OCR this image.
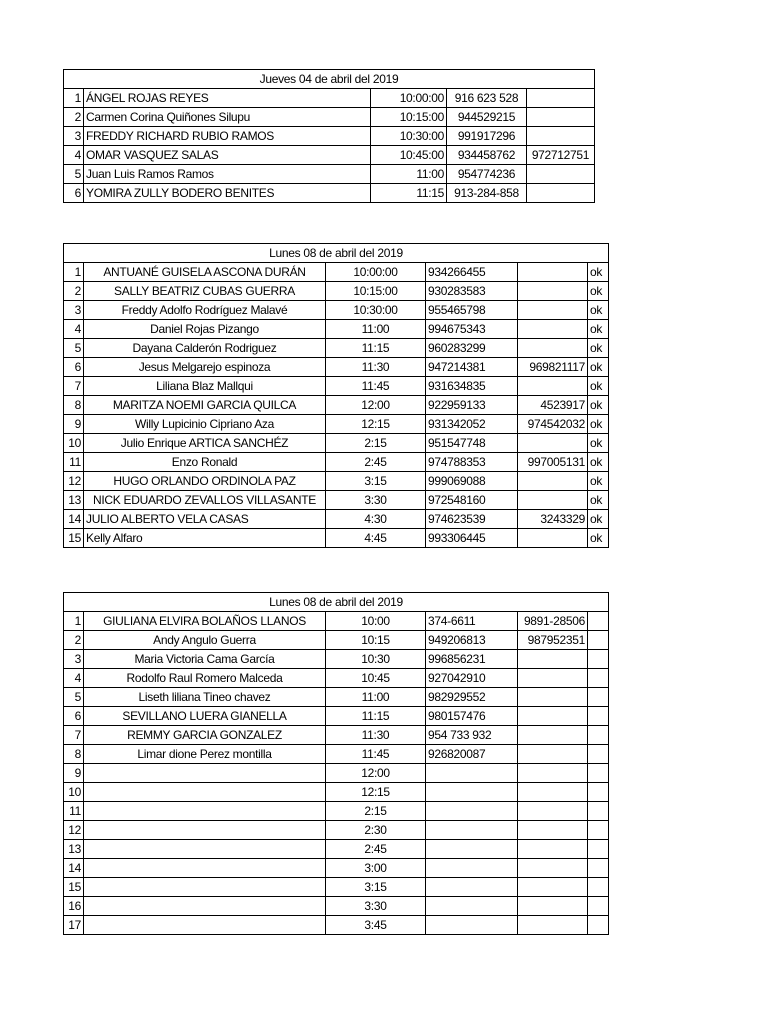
Jueves 04 de abril del 2019				
1	ÁNGEL ROJAS REYES	10:00:00	916 623 528	
2	Carmen Corina Quiñones Silupu	10:15:00	944529215	
3	FREDDY RICHARD RUBIO RAMOS	10:30:00	991917296	
4	OMAR VASQUEZ SALAS	10:45:00	934458762	972712751
5	Juan Luis Ramos Ramos	11:00	954774236	
6	YOMIRA ZULLY BODERO BENITES	11:15	913-284-858	
Lunes 08 de abril del 2019					
1	ANTUANÉ GUISELA ASCONA DURÁN	10:00:00	934266455		ok
2	SALLY BEATRIZ CUBAS GUERRA	10:15:00	930283583		ok
3	Freddy Adolfo Rodríguez Malavé	10:30:00	955465798		ok
4	Daniel Rojas Pizango	11:00	994675343		ok
5	Dayana Calderón Rodriguez	11:15	960283299		ok
6	Jesus Melgarejo espinoza	11:30	947214381	969821117	ok
7	Liliana Blaz Mallqui	11:45	931634835		ok
8	MARITZA NOEMI GARCIA QUILCA	12:00	922959133	4523917	ok
9	Willy Lupicinio Cipriano Aza	12:15	931342052	974542032	ok
10	Julio Enrique ARTICA SANCHÉZ	2:15	951547748		ok
11	Enzo Ronald	2:45	974788353	997005131	ok
12	HUGO ORLANDO ORDINOLA PAZ	3:15	999069088		ok
13	NICK EDUARDO ZEVALLOS VILLASANTE	3:30	972548160		ok
14	JULIO ALBERTO VELA CASAS	4:30	974623539	3243329	ok
15	Kelly Alfaro	4:45	993306445		ok
Lunes 08 de abril del 2019					
1	GIULIANA ELVIRA BOLAÑOS LLANOS	10:00	374-6611	9891-28506	
2	Andy Angulo Guerra	10:15	949206813	987952351	
3	Maria Victoria Cama García	10:30	996856231		
4	Rodolfo Raul Romero Malceda	10:45	927042910		
5	Liseth liliana Tineo chavez	11:00	982929552		
6	SEVILLANO LUERA GIANELLA	11:15	980157476		
7	REMMY GARCIA GONZALEZ	11:30	954 733 932		
8	Limar dione Perez montilla	11:45	926820087		
9		12:00			
10		12:15			
11		2:15			
12		2:30			
13		2:45			
14		3:00			
15		3:15			
16		3:30			
17		3:45			
